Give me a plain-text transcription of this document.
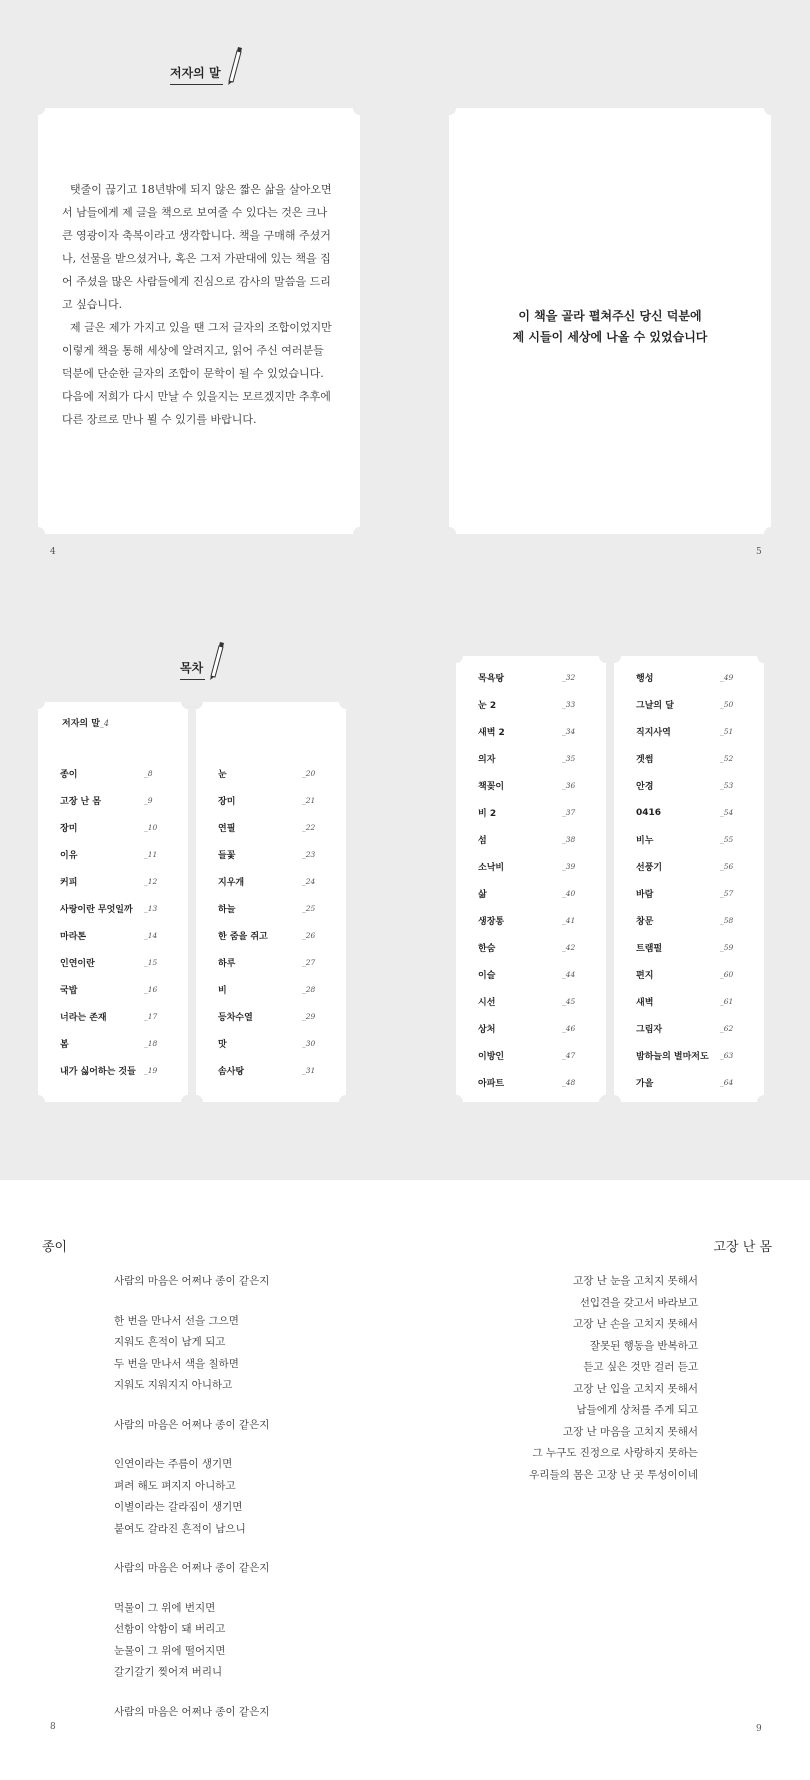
저자의 말

탯줄이 끊기고 18년밖에 되지 않은 짧은 삶을 살아오면서 남들에게 제 글을 책으로 보여줄 수 있다는 것은 크나큰 영광이자 축복이라고 생각합니다. 책을 구매해 주셨거나, 선물을 받으셨거나, 혹은 그저 가판대에 있는 책을 집어 주셨을 많은 사람들에게 진심으로 감사의 말씀을 드리고 싶습니다.

제 글은 제가 가지고 있을 땐 그저 글자의 조합이었지만 이렇게 책을 통해 세상에 알려지고, 읽어 주신 여러분들 덕분에 단순한 글자의 조합이 문학이 될 수 있었습니다. 다음에 저희가 다시 만날 수 있을지는 모르겠지만 추후에 다른 장르로 만나 뵐 수 있기를 바랍니다.

4
이 책을 골라 펼쳐주신 당신 덕분에
제 시들이 세상에 나올 수 있었습니다
5
목차
저자의 말_4
종이	_8
고장 난 몸	_9
장미	_10
이유	_11
커피	_12
사랑이란 무엇일까 _13
마라톤	_14
인연이란	_15
국밥	_16
너라는 존재	_17
봄	_18
내가 싫어하는 것들 _19
눈	_20
장미	_21
연필	_22
들꽃	_23
지우개	_24
하늘	_25
한 줌을 쥐고	_26
하루	_27
비	_28
등차수열	_29
맛	_30
솜사탕	_31
목욕탕	_32
눈 2	_33
새벽 2	_34
의자	_35
책꽂이	_36
비 2	_37
섬	_38
소낙비	_39
삶	_40
생장통	_41
한숨	_42
이슬	_44
시선	_45
상처	_46
이방인	_47
아파트	_48
행성	_49
그날의 달	_50
직지사역	_51
겟썸	_52
안경	_53
0416	_54
비누	_55
선풍기	_56
바람	_57
창문	_58
트램펄	_59
편지	_60
새벽	_61
그림자	_62
밤하늘의 별마저도 _63
가을	_64
종이
사람의 마음은 어쩌나 종이 같은지
한 번을 만나서 선을 그으면
지워도 흔적이 남게 되고
두 번을 만나서 색을 칠하면
지워도 지워지지 아니하고
사람의 마음은 어쩌나 종이 같은지
인연이라는 주름이 생기면
펴려 해도 펴지지 아니하고
이별이라는 갈라짐이 생기면
붙여도 갈라진 흔적이 남으니
사람의 마음은 어쩌나 종이 같은지
먹물이 그 위에 번지면
선함이 악함이 돼 버리고
눈물이 그 위에 떨어지면
갈기갈기 찢어져 버리니
사람의 마음은 어쩌나 종이 같은지
8
고장 난 몸
고장 난 눈을 고치지 못해서
선입견을 갖고서 바라보고
고장 난 손을 고치지 못해서
잘못된 행동을 반복하고
듣고 싶은 것만 걸러 듣고
고장 난 입을 고치지 못해서
남들에게 상처를 주게 되고
고장 난 마음을 고치지 못해서
그 누구도 진정으로 사랑하지 못하는
우리들의 몸은 고장 난 곳 투성이이네
9
